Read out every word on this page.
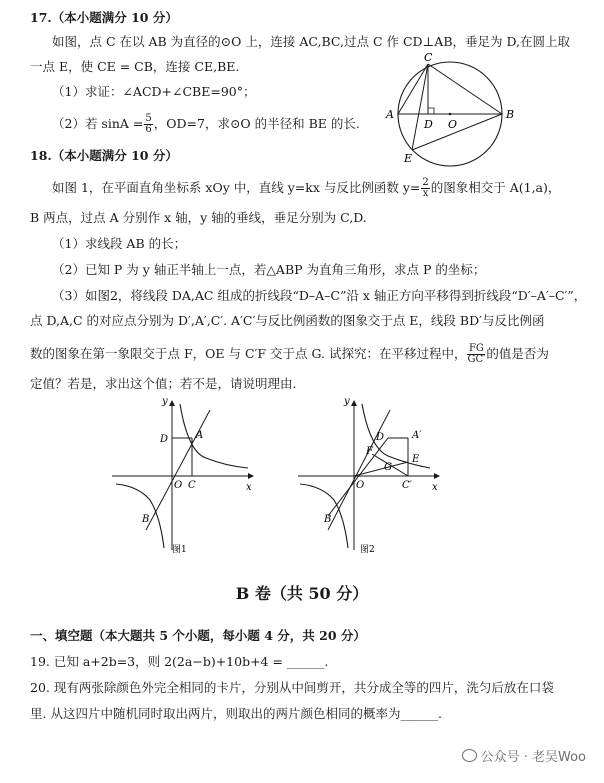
17.（本小题满分 10 分）
如图，点 C 在以 AB 为直径的⊙O 上，连接 AC,BC,过点 C 作 CD⊥AB，垂足为 D,在圆上取
一点 E，使 CE = CB，连接 CE,BE.
（1）求证：∠ACD+∠CBE=90°；
（2）若 $\sin A = \frac{5}{6}$ ，OD=7，求⊙O 的半径和 BE 的长.
C
A	B
D O
E
18.（本小题满分 10 分）
如图 1，在平面直角坐标系 xOy 中，直线 y=kx 与反比例函数 $y= \frac{2}{x}$ 的图象相交于 A(1,a)，
B 两点，过点 A 分别作 x 轴，y 轴的垂线，垂足分别为 C,D.
（1）求线段 AB 的长；
（2）已知 P 为 y 轴正半轴上一点，若△ABP 为直角三角形，求点 P 的坐标；
（3）如图2，将线段 DA,AC 组成的折线段“D–A–C”沿 x 轴正方向平移得到折线段“D′–A′–C′”，
点 D,A,C 的对应点分别为 D′,A′,C′. A′C′与反比例函数的图象交于点 E，线段 BD′与反比例函
数的图象在第一象限交于点 F，OE 与 C′F 交于点 G. 试探究：在平移过程中， $\frac{FG}{GC'}$ 的值是否为
定值？若是，求出这个值；若不是，请说明理由.
y
x
D	A
O C
B
图1
y
x
D	A′
F
G
E
O	C′
B
图2
B 卷（共 50 分）
一、填空题（本大题共 5 个小题，每小题 4 分，共 20 分）
19. 已知 a+2b=3，则 2(2a−b)+10b+4 = ______.
20. 现有两张除颜色外完全相同的卡片，分别从中间剪开，共分成全等的四片，洗匀后放在口袋
里. 从这四片中随机同时取出两片，则取出的两片颜色相同的概率为______.
公众号 · 老吴Woo
